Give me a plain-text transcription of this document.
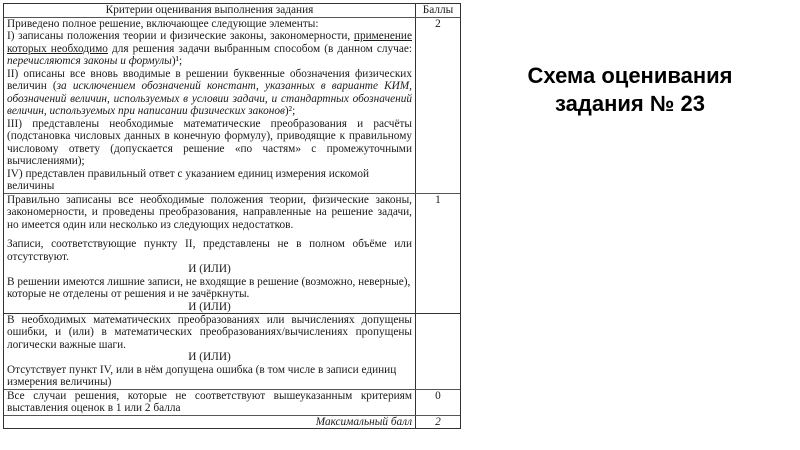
Схема оценивания
задания № 23
Критерии оценивания выполнения задания	Баллы
Приведено полное решение, включающее следующие элементы:
I) записаны положения теории и физические законы, закономерности, применение
которых необходимо для решения задачи выбранным способом (в данном случае:
перечисляются законы и формулы)¹;
II) описаны все вновь вводимые в решении буквенные обозначения физических
величин (за исключением обозначений констант, указанных в варианте КИМ,
обозначений величин, используемых в условии задачи, и стандартных обозначений
величин, используемых при написании физических законов)²;
III) представлены необходимые математические преобразования и расчёты
(подстановка числовых данных в конечную формулу), приводящие к правильному
числовому ответу (допускается решение «по частям» с промежуточными
вычислениями);
IV) представлен правильный ответ с указанием единиц измерения искомой
величины
2
Правильно записаны все необходимые положения теории, физические законы,
закономерности, и проведены преобразования, направленные на решение задачи,
но имеется один или несколько из следующих недостатков.
Записи, соответствующие пункту II, представлены не в полном объёме или
отсутствуют.
И (ИЛИ)
В решении имеются лишние записи, не входящие в решение (возможно, неверные),
которые не отделены от решения и не зачёркнуты.
И (ИЛИ)
1
В необходимых математических преобразованиях или вычислениях допущены
ошибки, и (или) в математических преобразованиях/вычислениях пропущены
логически важные шаги.
И (ИЛИ)
Отсутствует пункт IV, или в нём допущена ошибка (в том числе в записи единиц
измерения величины)
Все случаи решения, которые не соответствуют вышеуказанным критериям
выставления оценок в 1 или 2 балла
0
Максимальный балл	2
